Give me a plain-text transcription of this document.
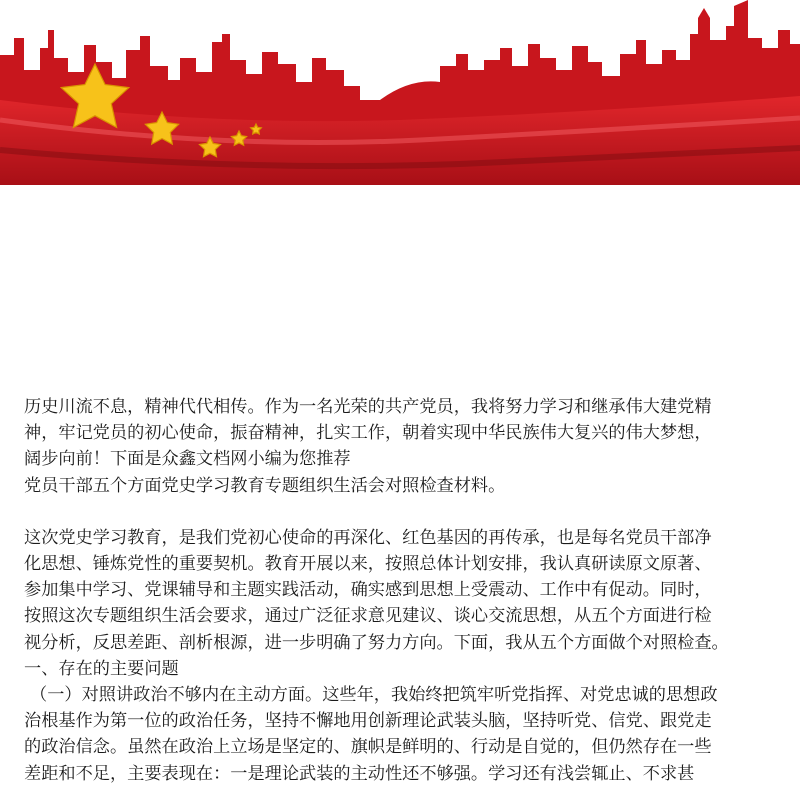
历史川流不息，精神代代相传。作为一名光荣的共产党员，我将努力学习和继承伟大建党精

神，牢记党员的初心使命，振奋精神，扎实工作，朝着实现中华民族伟大复兴的伟大梦想，

阔步向前！下面是众鑫文档网小编为您推荐

党员干部五个方面党史学习教育专题组织生活会对照检查材料。

这次党史学习教育，是我们党初心使命的再深化、红色基因的再传承，也是每名党员干部净

化思想、锤炼党性的重要契机。教育开展以来，按照总体计划安排，我认真研读原文原著、

参加集中学习、党课辅导和主题实践活动，确实感到思想上受震动、工作中有促动。同时，

按照这次专题组织生活会要求，通过广泛征求意见建议、谈心交流思想，从五个方面进行检

视分析，反思差距、剖析根源，进一步明确了努力方向。下面，我从五个方面做个对照检查。

一、存在的主要问题

（一）对照讲政治不够内在主动方面。这些年，我始终把筑牢听党指挥、对党忠诚的思想政

治根基作为第一位的政治任务，坚持不懈地用创新理论武装头脑，坚持听党、信党、跟党走

的政治信念。虽然在政治上立场是坚定的、旗帜是鲜明的、行动是自觉的，但仍然存在一些

差距和不足，主要表现在：一是理论武装的主动性还不够强。学习还有浅尝辄止、不求甚
